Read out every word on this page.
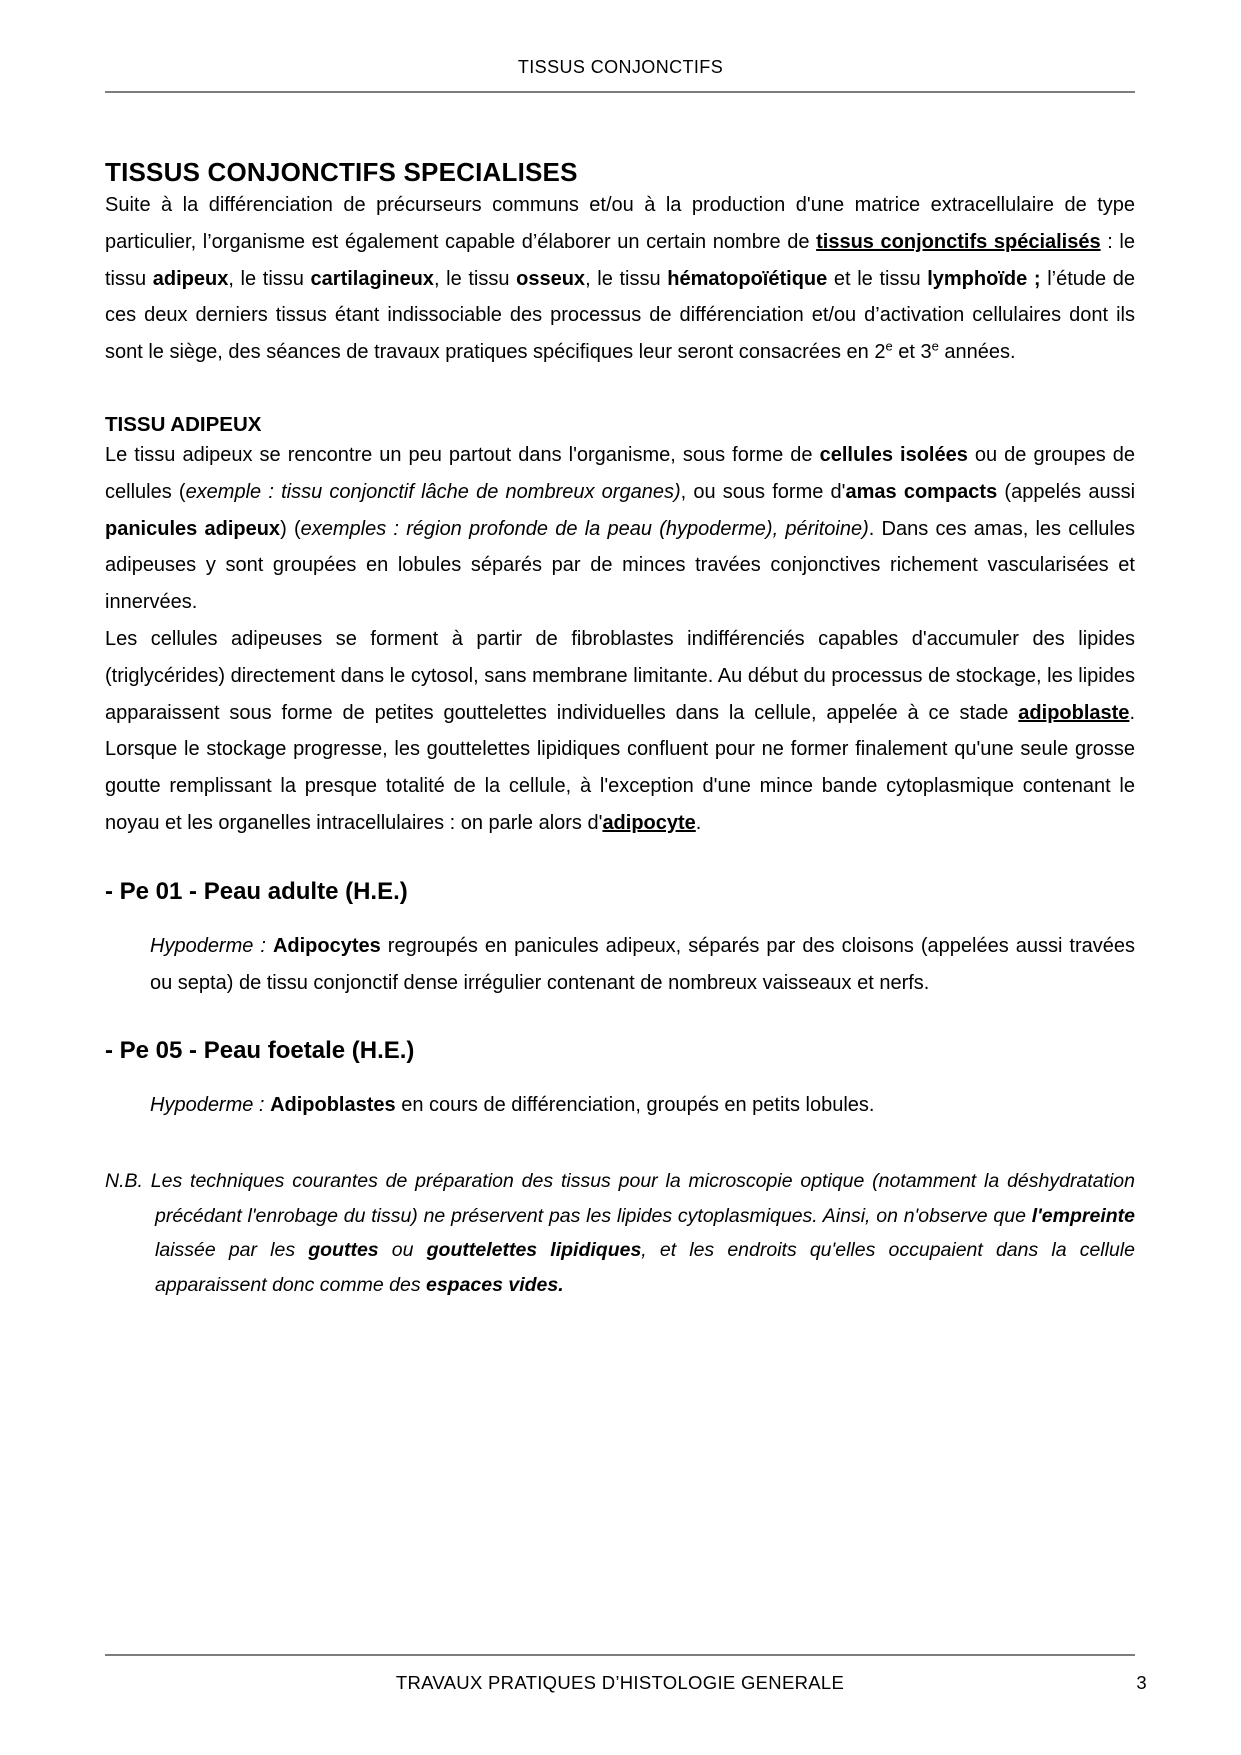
TISSUS CONJONCTIFS
TISSUS CONJONCTIFS SPECIALISES

Suite à la différenciation de précurseurs communs et/ou à la production d'une matrice extracellulaire de type particulier, l’organisme est également capable d’élaborer un certain nombre de tissus conjonctifs spécialisés : le tissu adipeux, le tissu cartilagineux, le tissu osseux, le tissu hématopoïétique et le tissu lymphoïde ; l’étude de ces deux derniers tissus étant indissociable des processus de différenciation et/ou d’activation cellulaires dont ils sont le siège, des séances de travaux pratiques spécifiques leur seront consacrées en 2e et 3e années.

TISSU ADIPEUX

Le tissu adipeux se rencontre un peu partout dans l'organisme, sous forme de cellules isolées ou de groupes de cellules (exemple : tissu conjonctif lâche de nombreux organes), ou sous forme d'amas compacts (appelés aussi panicules adipeux) (exemples : région profonde de la peau (hypoderme), péritoine). Dans ces amas, les cellules adipeuses y sont groupées en lobules séparés par de minces travées conjonctives richement vascularisées et innervées.

Les cellules adipeuses se forment à partir de fibroblastes indifférenciés capables d'accumuler des lipides (triglycérides) directement dans le cytosol, sans membrane limitante. Au début du processus de stockage, les lipides apparaissent sous forme de petites gouttelettes individuelles dans la cellule, appelée à ce stade adipoblaste. Lorsque le stockage progresse, les gouttelettes lipidiques confluent pour ne former finalement qu'une seule grosse goutte remplissant la presque totalité de la cellule, à l'exception d'une mince bande cytoplasmique contenant le noyau et les organelles intracellulaires : on parle alors d'adipocyte.

- Pe 01 - Peau adulte (H.E.)

Hypoderme : Adipocytes regroupés en panicules adipeux, séparés par des cloisons (appelées aussi travées ou septa) de tissu conjonctif dense irrégulier contenant de nombreux vaisseaux et nerfs.

- Pe 05 - Peau foetale (H.E.)

Hypoderme : Adipoblastes en cours de différenciation, groupés en petits lobules.

N.B. Les techniques courantes de préparation des tissus pour la microscopie optique (notamment la déshydratation précédant l'enrobage du tissu) ne préservent pas les lipides cytoplasmiques. Ainsi, on n'observe que l'empreinte laissée par les gouttes ou gouttelettes lipidiques, et les endroits qu'elles occupaient dans la cellule apparaissent donc comme des espaces vides.

TRAVAUX PRATIQUES D’HISTOLOGIE GENERALE	3
